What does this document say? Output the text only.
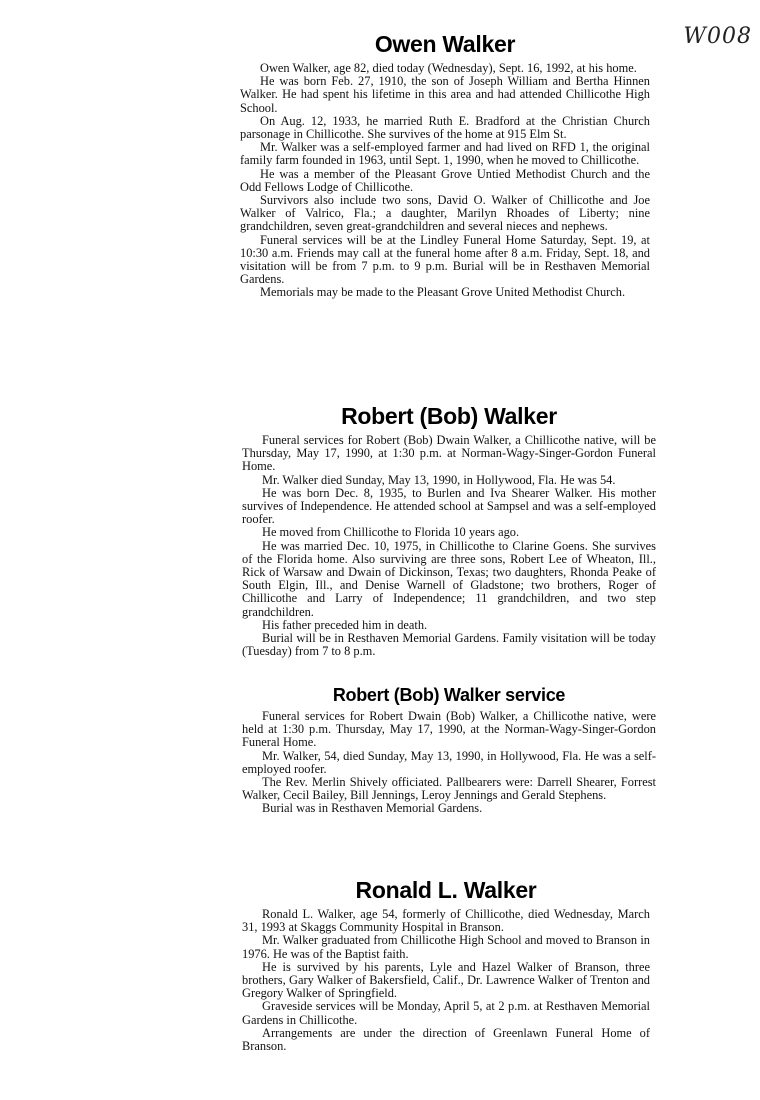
W008
Owen Walker

Owen Walker, age 82, died today (Wednesday), Sept. 16, 1992, at his home.

He was born Feb. 27, 1910, the son of Joseph William and Bertha Hinnen Walker. He had spent his lifetime in this area and had attended Chillicothe High School.

On Aug. 12, 1933, he married Ruth E. Bradford at the Christian Church parsonage in Chillicothe. She survives of the home at 915 Elm St.

Mr. Walker was a self-employed farmer and had lived on RFD 1, the original family farm founded in 1963, until Sept. 1, 1990, when he moved to Chillicothe.

He was a member of the Pleasant Grove Untied Methodist Church and the Odd Fellows Lodge of Chillicothe.

Survivors also include two sons, David O. Walker of Chillicothe and Joe Walker of Valrico, Fla.; a daughter, Marilyn Rhoades of Liberty; nine grandchildren, seven great-grandchildren and several nieces and nephews.

Funeral services will be at the Lindley Funeral Home Saturday, Sept. 19, at 10:30 a.m. Friends may call at the funeral home after 8 a.m. Friday, Sept. 18, and visitation will be from 7 p.m. to 9 p.m. Burial will be in Resthaven Memorial Gardens.

Memorials may be made to the Pleasant Grove United Methodist Church.

Robert (Bob) Walker

Funeral services for Robert (Bob) Dwain Walker, a Chillicothe native, will be Thursday, May 17, 1990, at 1:30 p.m. at Norman-Wagy-Singer-Gordon Funeral Home.

Mr. Walker died Sunday, May 13, 1990, in Hollywood, Fla. He was 54.

He was born Dec. 8, 1935, to Burlen and Iva Shearer Walker. His mother survives of Independence. He attended school at Sampsel and was a self-employed roofer.

He moved from Chillicothe to Florida 10 years ago.

He was married Dec. 10, 1975, in Chillicothe to Clarine Goens. She survives of the Florida home. Also surviving are three sons, Robert Lee of Wheaton, Ill., Rick of Warsaw and Dwain of Dickinson, Texas; two daughters, Rhonda Peake of South Elgin, Ill., and Denise Warnell of Gladstone; two brothers, Roger of Chillicothe and Larry of Independence; 11 grandchildren, and two step grandchildren.

His father preceded him in death.

Burial will be in Resthaven Memorial Gardens. Family visitation will be today (Tuesday) from 7 to 8 p.m.

Robert (Bob) Walker service

Funeral services for Robert Dwain (Bob) Walker, a Chillicothe native, were held at 1:30 p.m. Thursday, May 17, 1990, at the Norman-Wagy-Singer-Gordon Funeral Home.

Mr. Walker, 54, died Sunday, May 13, 1990, in Hollywood, Fla. He was a self-employed roofer.

The Rev. Merlin Shively officiated. Pallbearers were: Darrell Shearer, Forrest Walker, Cecil Bailey, Bill Jennings, Leroy Jennings and Gerald Stephens.

Burial was in Resthaven Memorial Gardens.

Ronald L. Walker

Ronald L. Walker, age 54, formerly of Chillicothe, died Wednesday, March 31, 1993 at Skaggs Community Hospital in Branson.

Mr. Walker graduated from Chillicothe High School and moved to Branson in 1976. He was of the Baptist faith.

He is survived by his parents, Lyle and Hazel Walker of Branson, three brothers, Gary Walker of Bakersfield, Calif., Dr. Lawrence Walker of Trenton and Gregory Walker of Springfield.

Graveside services will be Monday, April 5, at 2 p.m. at Resthaven Memorial Gardens in Chillicothe.

Arrangements are under the direction of Greenlawn Funeral Home of Branson.
